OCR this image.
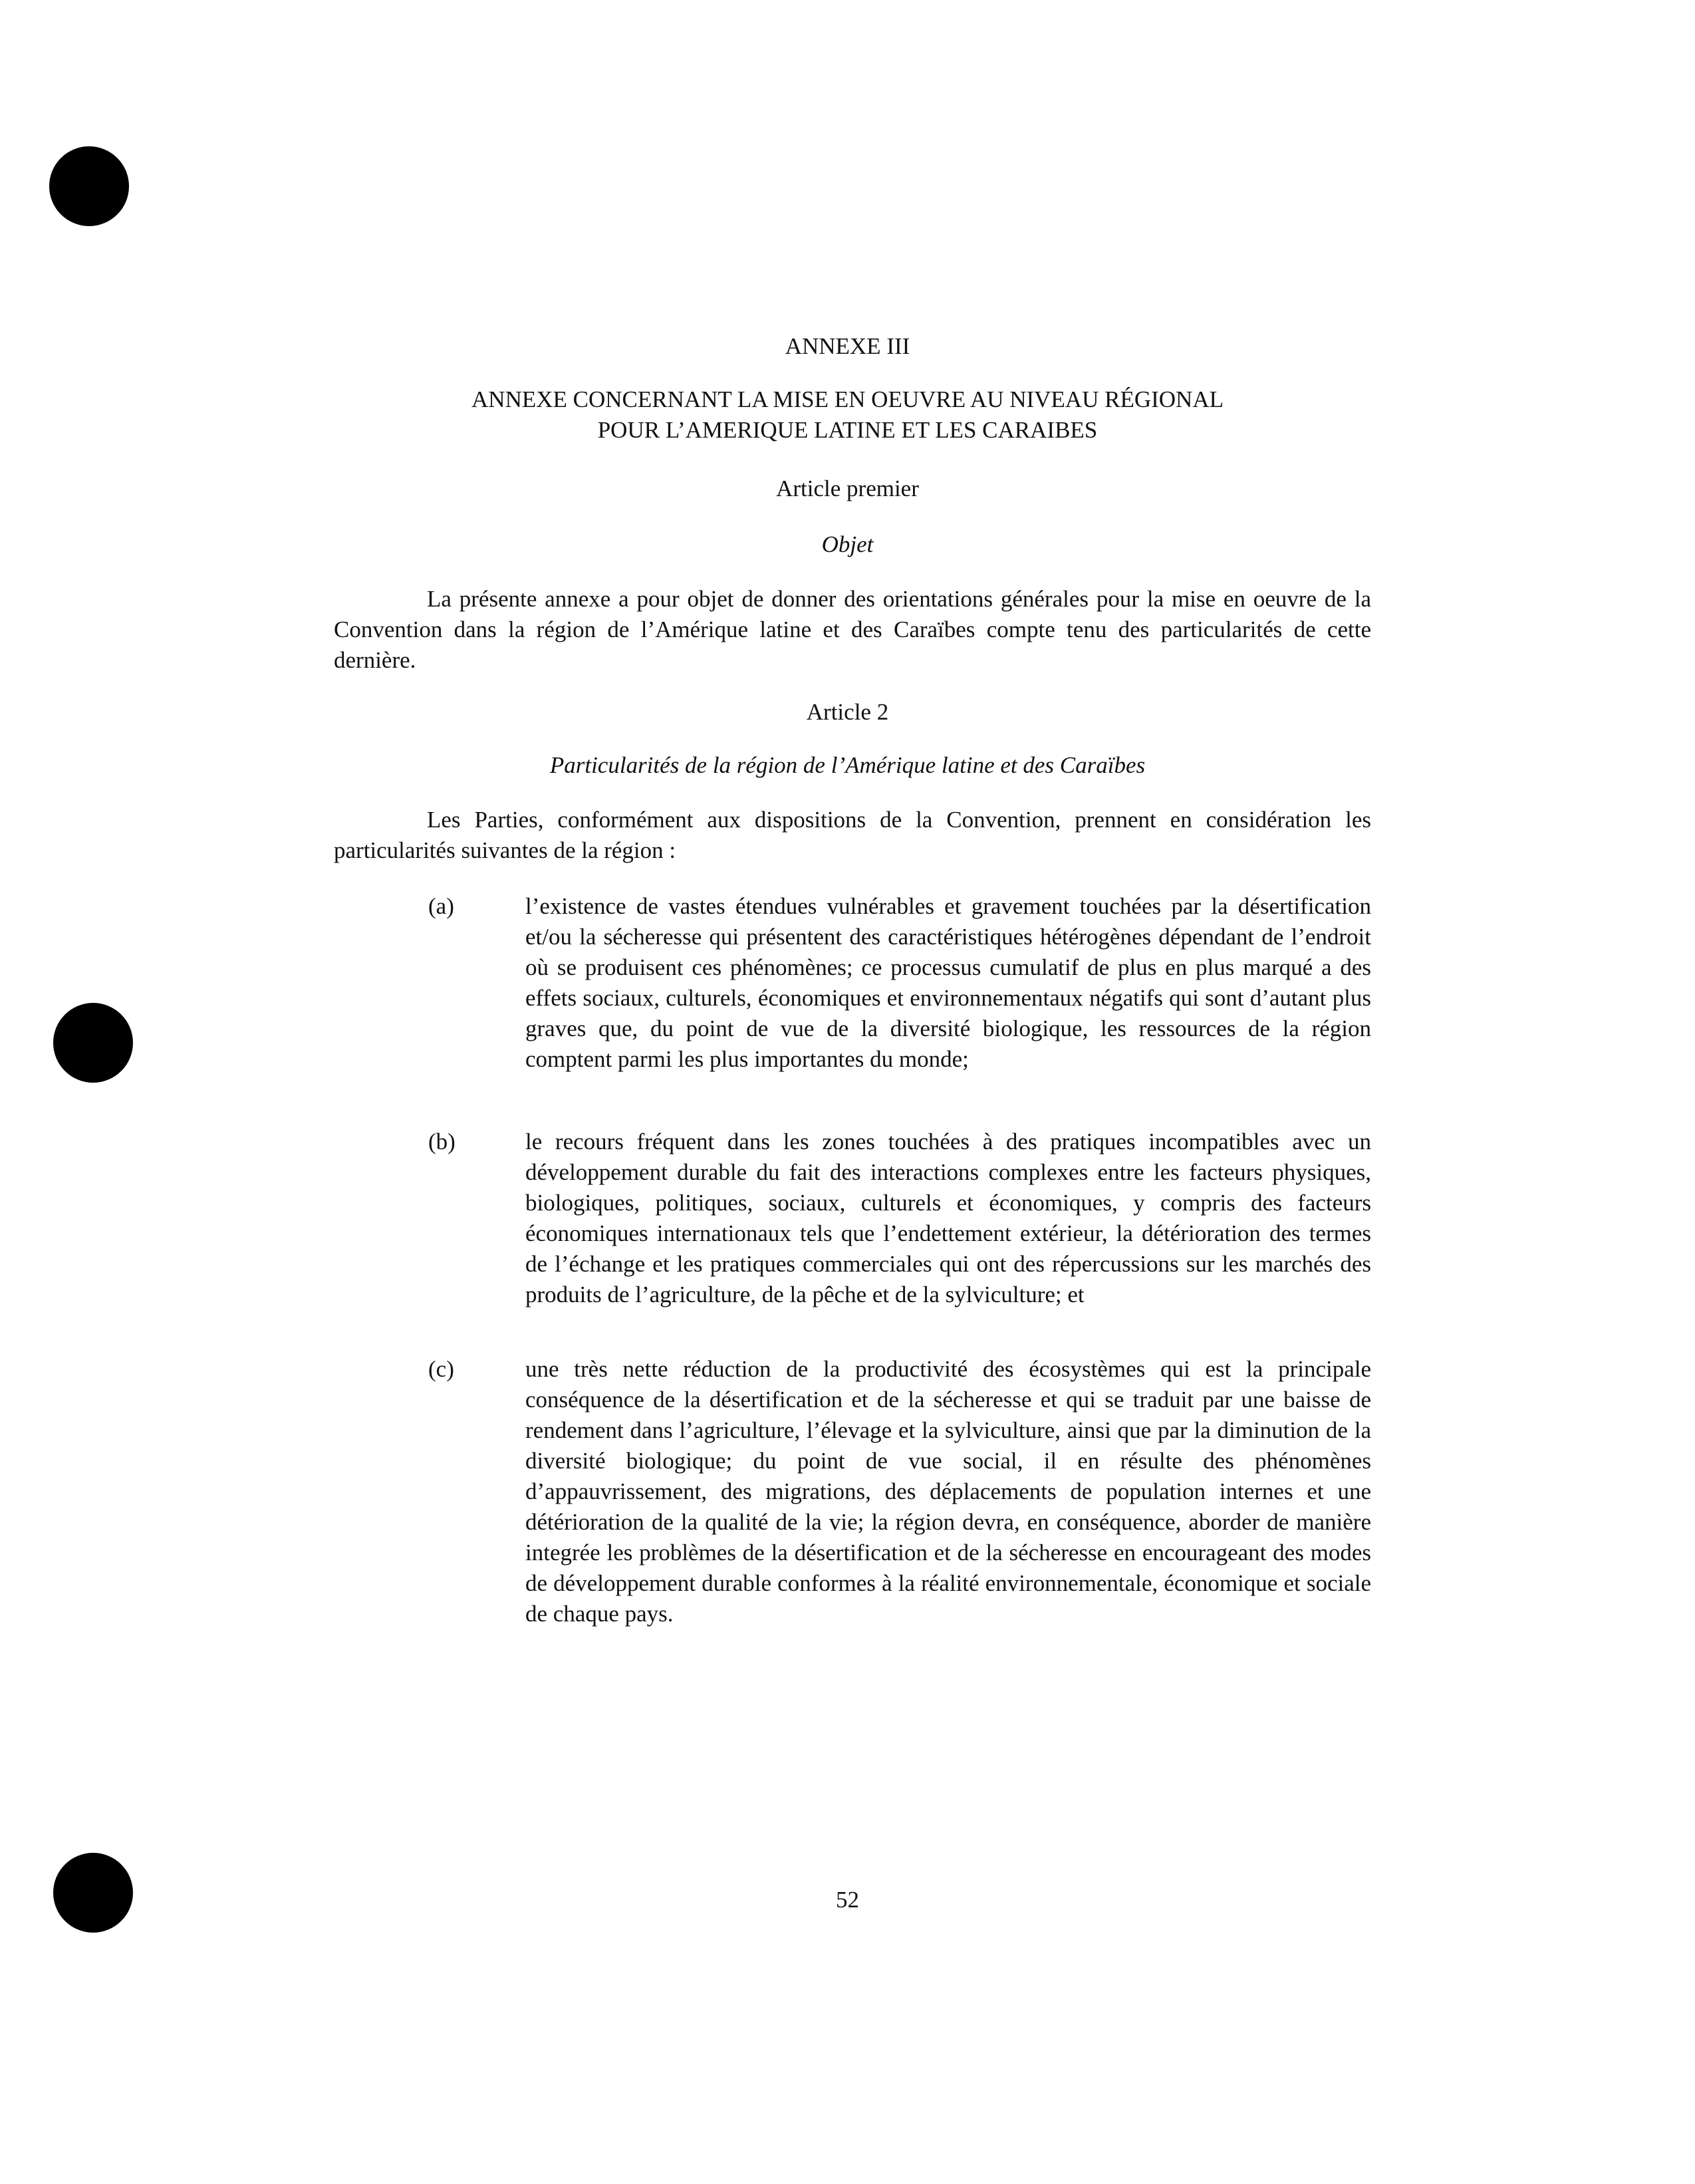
ANNEXE III

ANNEXE CONCERNANT LA MISE EN OEUVRE AU NIVEAU RÉGIONAL
POUR L’AMERIQUE LATINE ET LES CARAIBES

Article premier

Objet

La présente annexe a pour objet de donner des orientations générales pour la mise en oeuvre de la Convention dans la région de l’Amérique latine et des Caraïbes compte tenu des particularités de cette dernière.

Article 2

Particularités de la région de l’Amérique latine et des Caraïbes

Les Parties, conformément aux dispositions de la Convention, prennent en considération les particularités suivantes de la région :

(a)	l’existence de vastes étendues vulnérables et gravement touchées par la désertification et/ou la sécheresse qui présentent des caractéristiques hétérogènes dépendant de l’endroit où se produisent ces phénomènes; ce processus cumulatif de plus en plus marqué a des effets sociaux, culturels, économiques et environnementaux négatifs qui sont d’autant plus graves que, du point de vue de la diversité biologique, les ressources de la région comptent parmi les plus importantes du monde;

(b)	le recours fréquent dans les zones touchées à des pratiques incompatibles avec un développement durable du fait des interactions complexes entre les facteurs physiques, biologiques, politiques, sociaux, culturels et économiques, y compris des facteurs économiques internationaux tels que l’endettement extérieur, la détérioration des termes de l’échange et les pratiques commerciales qui ont des répercussions sur les marchés des produits de l’agriculture, de la pêche et de la sylviculture; et

(c)	une très nette réduction de la productivité des écosystèmes qui est la principale conséquence de la désertification et de la sécheresse et qui se traduit par une baisse de rendement dans l’agriculture, l’élevage et la sylviculture, ainsi que par la diminution de la diversité biologique; du point de vue social, il en résulte des phénomènes d’appauvrissement, des migrations, des déplacements de population internes et une détérioration de la qualité de la vie; la région devra, en conséquence, aborder de manière integrée les problèmes de la désertification et de la sécheresse en encourageant des modes de développement durable conformes à la réalité environnementale, économique et sociale de chaque pays.

52
